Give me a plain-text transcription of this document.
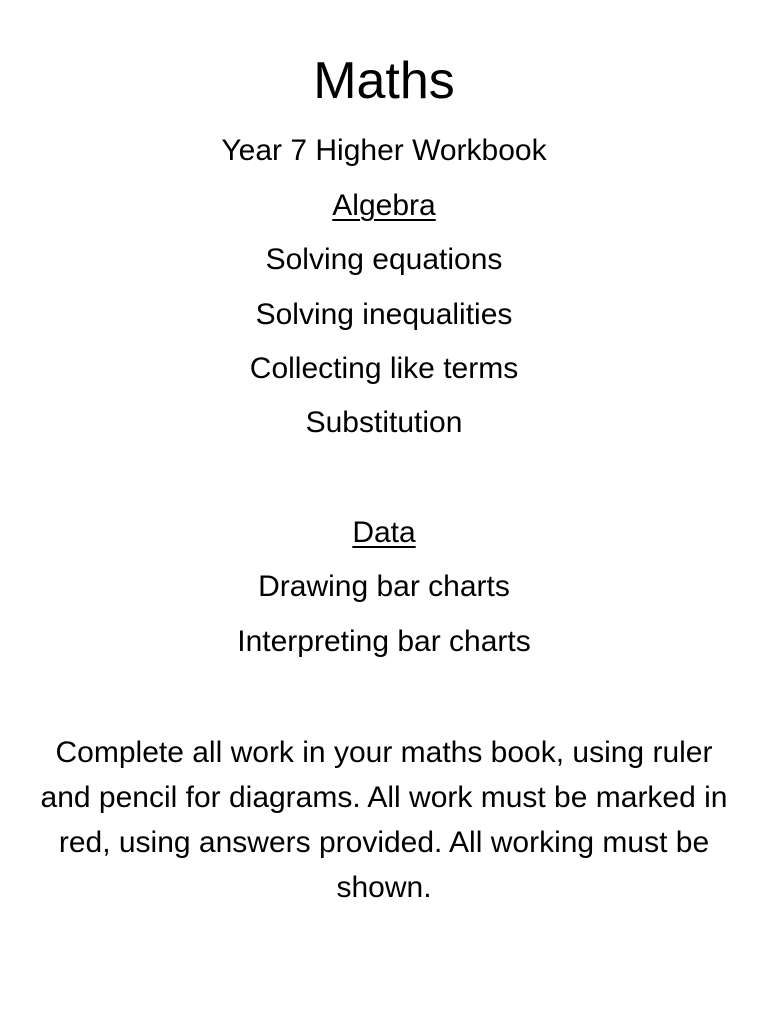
Maths

Year 7 Higher Workbook

Algebra

Solving equations

Solving inequalities

Collecting like terms

Substitution

Data

Drawing bar charts

Interpreting bar charts

Complete all work in your maths book, using ruler and pencil for diagrams. All work must be marked in red, using answers provided. All working must be shown.
